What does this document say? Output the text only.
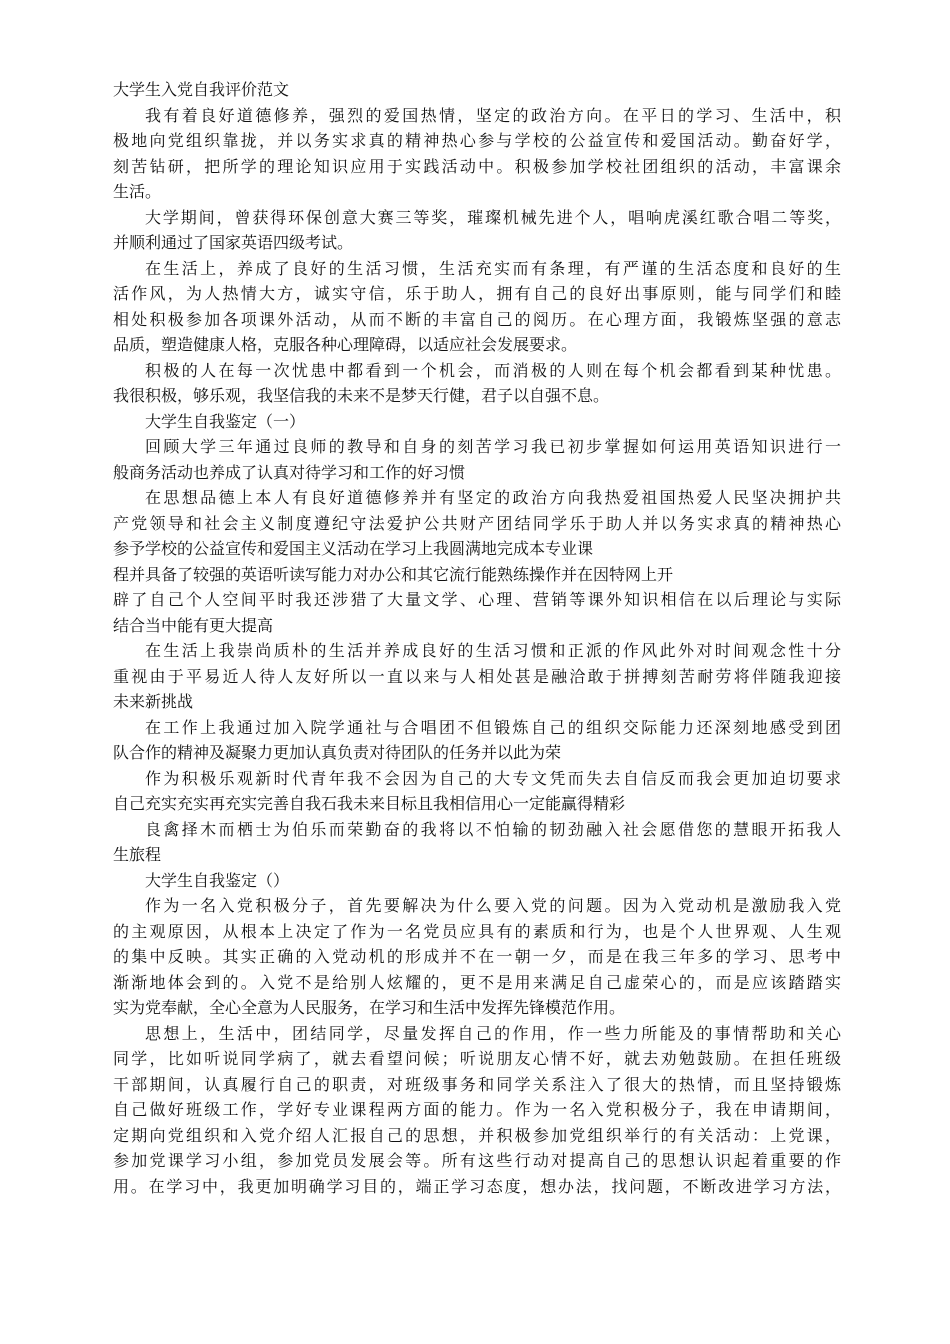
大学生入党自我评价范文
我有着良好道德修养，强烈的爱国热情，坚定的政治方向。在平日的学习、生活中，积
极地向党组织靠拢，并以务实求真的精神热心参与学校的公益宣传和爱国活动。勤奋好学，
刻苦钻研，把所学的理论知识应用于实践活动中。积极参加学校社团组织的活动，丰富课余
生活。
大学期间，曾获得环保创意大赛三等奖，璀璨机械先进个人，唱响虎溪红歌合唱二等奖，
并顺利通过了国家英语四级考试。
在生活上，养成了良好的生活习惯，生活充实而有条理，有严谨的生活态度和良好的生
活作风，为人热情大方，诚实守信，乐于助人，拥有自己的良好出事原则，能与同学们和睦
相处积极参加各项课外活动，从而不断的丰富自己的阅历。在心理方面，我锻炼坚强的意志
品质，塑造健康人格，克服各种心理障碍，以适应社会发展要求。
积极的人在每一次忧患中都看到一个机会，而消极的人则在每个机会都看到某种忧患。
我很积极，够乐观，我坚信我的未来不是梦天行健，君子以自强不息。
大学生自我鉴定（一）
回顾大学三年通过良师的教导和自身的刻苦学习我已初步掌握如何运用英语知识进行一
般商务活动也养成了认真对待学习和工作的好习惯
在思想品德上本人有良好道德修养并有坚定的政治方向我热爱祖国热爱人民坚决拥护共
产党领导和社会主义制度遵纪守法爱护公共财产团结同学乐于助人并以务实求真的精神热心
参予学校的公益宣传和爱国主义活动在学习上我圆满地完成本专业课
程并具备了较强的英语听读写能力对办公和其它流行能熟练操作并在因特网上开
辟了自己个人空间平时我还涉猎了大量文学、心理、营销等课外知识相信在以后理论与实际
结合当中能有更大提高
在生活上我崇尚质朴的生活并养成良好的生活习惯和正派的作风此外对时间观念性十分
重视由于平易近人待人友好所以一直以来与人相处甚是融洽敢于拼搏刻苦耐劳将伴随我迎接
未来新挑战
在工作上我通过加入院学通社与合唱团不但锻炼自己的组织交际能力还深刻地感受到团
队合作的精神及凝聚力更加认真负责对待团队的任务并以此为荣
作为积极乐观新时代青年我不会因为自己的大专文凭而失去自信反而我会更加迫切要求
自己充实充实再充实完善自我石我未来目标且我相信用心一定能赢得精彩
良禽择木而栖士为伯乐而荣勤奋的我将以不怕输的韧劲融入社会愿借您的慧眼开拓我人
生旅程
大学生自我鉴定（）
作为一名入党积极分子，首先要解决为什么要入党的问题。因为入党动机是激励我入党
的主观原因，从根本上决定了作为一名党员应具有的素质和行为，也是个人世界观、人生观
的集中反映。其实正确的入党动机的形成并不在一朝一夕，而是在我三年多的学习、思考中
渐渐地体会到的。入党不是给别人炫耀的，更不是用来满足自己虚荣心的，而是应该踏踏实
实为党奉献，全心全意为人民服务，在学习和生活中发挥先锋模范作用。
思想上，生活中，团结同学，尽量发挥自己的作用，作一些力所能及的事情帮助和关心
同学，比如听说同学病了，就去看望问候；听说朋友心情不好，就去劝勉鼓励。在担任班级
干部期间，认真履行自己的职责，对班级事务和同学关系注入了很大的热情，而且坚持锻炼
自己做好班级工作，学好专业课程两方面的能力。作为一名入党积极分子，我在申请期间，
定期向党组织和入党介绍人汇报自己的思想，并积极参加党组织举行的有关活动：上党课，
参加党课学习小组，参加党员发展会等。所有这些行动对提高自己的思想认识起着重要的作
用。在学习中，我更加明确学习目的，端正学习态度，想办法，找问题，不断改进学习方法，
